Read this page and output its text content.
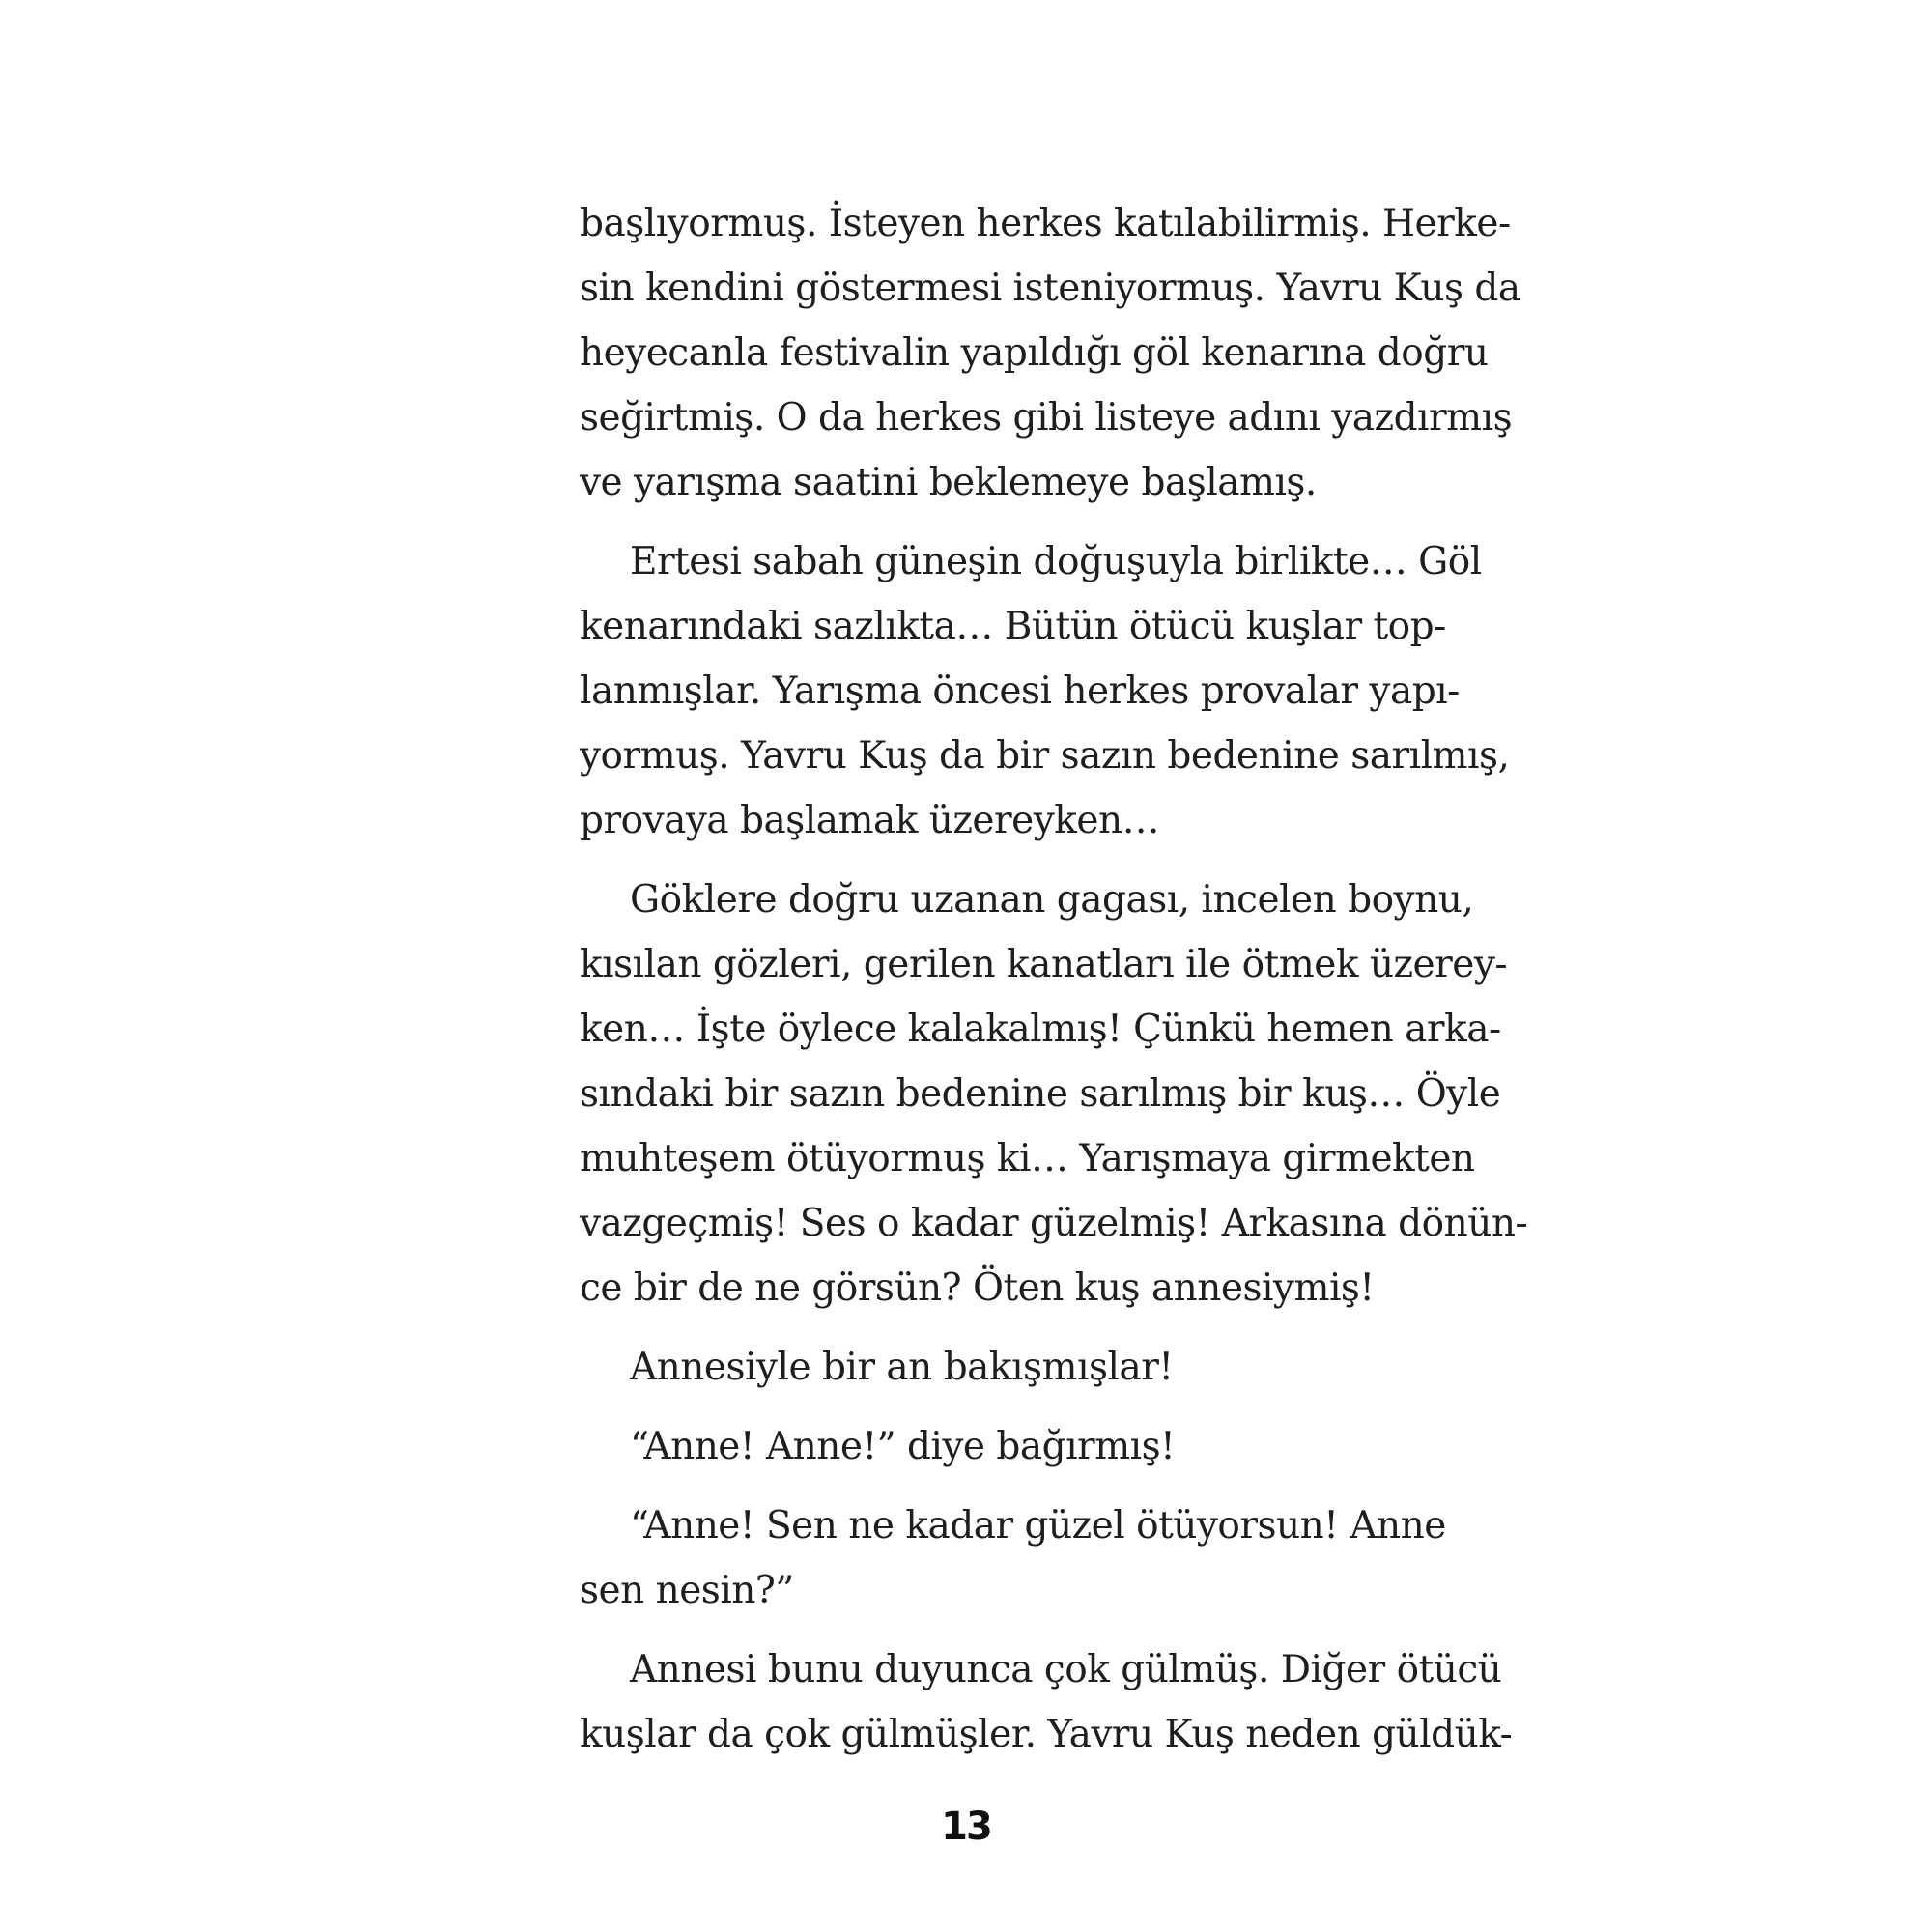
başlıyormuş. İsteyen herkes katılabilirmiş. Herke-
sin kendini göstermesi isteniyormuş. Yavru Kuş da
heyecanla festivalin yapıldığı göl kenarına doğru
seğirtmiş. O da herkes gibi listeye adını yazdırmış
ve yarışma saatini beklemeye başlamış.

Ertesi sabah güneşin doğuşuyla birlikte… Göl
kenarındaki sazlıkta… Bütün ötücü kuşlar top-
lanmışlar. Yarışma öncesi herkes provalar yapı-
yormuş. Yavru Kuş da bir sazın bedenine sarılmış,
provaya başlamak üzereyken…

Göklere doğru uzanan gagası, incelen boynu,
kısılan gözleri, gerilen kanatları ile ötmek üzerey-
ken… İşte öylece kalakalmış! Çünkü hemen arka-
sındaki bir sazın bedenine sarılmış bir kuş… Öyle
muhteşem ötüyormuş ki… Yarışmaya girmekten
vazgeçmiş! Ses o kadar güzelmiş! Arkasına dönün-
ce bir de ne görsün? Öten kuş annesiymiş!

Annesiyle bir an bakışmışlar!

“Anne! Anne!” diye bağırmış!

“Anne! Sen ne kadar güzel ötüyorsun! Anne
sen nesin?”

Annesi bunu duyunca çok gülmüş. Diğer ötücü
kuşlar da çok gülmüşler. Yavru Kuş neden güldük-

13
